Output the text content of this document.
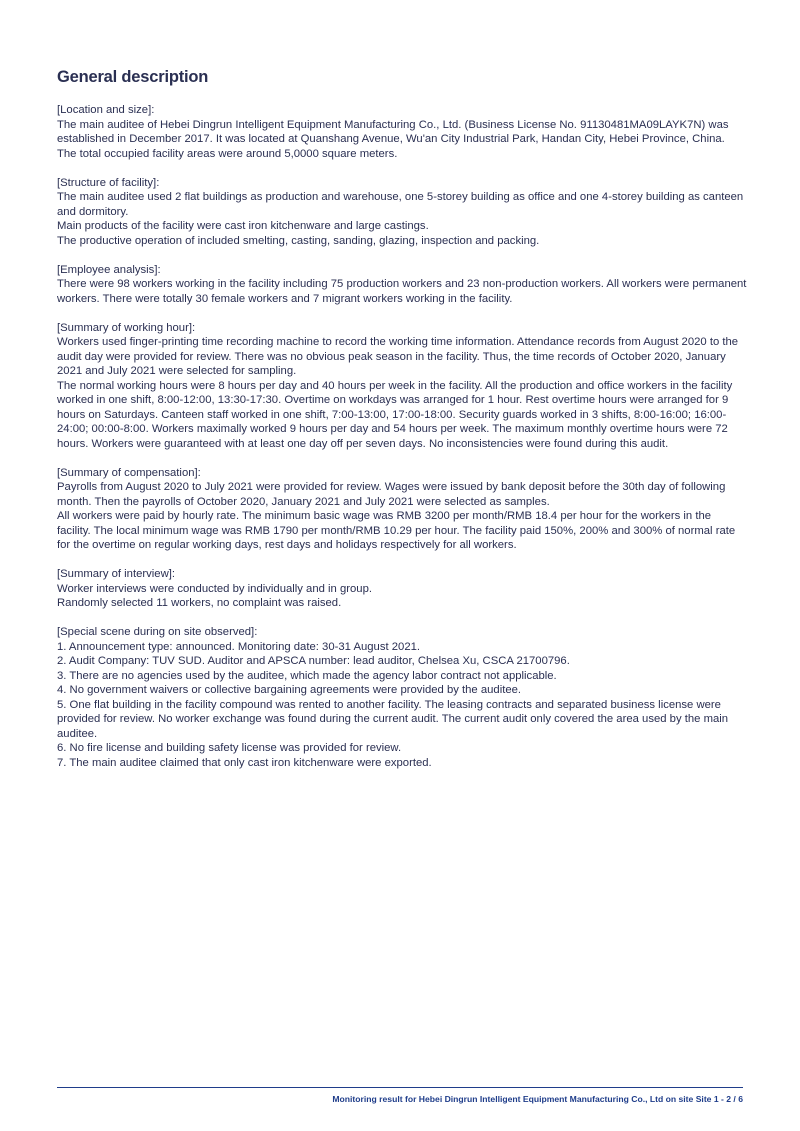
General description

[Location and size]:

The main auditee of Hebei Dingrun Intelligent Equipment Manufacturing Co., Ltd. (Business License No. 91130481MA09LAYK7N) was established in December 2017. It was located at Quanshang Avenue, Wu'an City Industrial Park, Handan City, Hebei Province, China. The total occupied facility areas were around 5,0000 square meters.

[Structure of facility]:

The main auditee used 2 flat buildings as production and warehouse, one 5-storey building as office and one 4-storey building as canteen and dormitory.

Main products of the facility were cast iron kitchenware and large castings.

The productive operation of included smelting, casting, sanding, glazing, inspection and packing.

[Employee analysis]:

There were 98 workers working in the facility including 75 production workers and 23 non-production workers. All workers were permanent workers. There were totally 30 female workers and 7 migrant workers working in the facility.

[Summary of working hour]:

Workers used finger-printing time recording machine to record the working time information. Attendance records from August 2020 to the audit day were provided for review. There was no obvious peak season in the facility. Thus, the time records of October 2020, January 2021 and July 2021 were selected for sampling.

The normal working hours were 8 hours per day and 40 hours per week in the facility. All the production and office workers in the facility worked in one shift, 8:00-12:00, 13:30-17:30. Overtime on workdays was arranged for 1 hour. Rest overtime hours were arranged for 9 hours on Saturdays. Canteen staff worked in one shift, 7:00-13:00, 17:00-18:00. Security guards worked in 3 shifts, 8:00-16:00; 16:00-24:00; 00:00-8:00. Workers maximally worked 9 hours per day and 54 hours per week. The maximum monthly overtime hours were 72 hours. Workers were guaranteed with at least one day off per seven days. No inconsistencies were found during this audit.

[Summary of compensation]:

Payrolls from August 2020 to July 2021 were provided for review. Wages were issued by bank deposit before the 30th day of following month. Then the payrolls of October 2020, January 2021 and July 2021 were selected as samples.

All workers were paid by hourly rate. The minimum basic wage was RMB 3200 per month/RMB 18.4 per hour for the workers in the facility. The local minimum wage was RMB 1790 per month/RMB 10.29 per hour. The facility paid 150%, 200% and 300% of normal rate for the overtime on regular working days, rest days and holidays respectively for all workers.

[Summary of interview]:

Worker interviews were conducted by individually and in group.

Randomly selected 11 workers, no complaint was raised.

[Special scene during on site observed]:

1. Announcement type: announced. Monitoring date: 30-31 August 2021.

2. Audit Company: TUV SUD. Auditor and APSCA number: lead auditor, Chelsea Xu, CSCA 21700796.

3. There are no agencies used by the auditee, which made the agency labor contract not applicable.

4. No government waivers or collective bargaining agreements were provided by the auditee.

5. One flat building in the facility compound was rented to another facility. The leasing contracts and separated business license were provided for review. No worker exchange was found during the current audit. The current audit only covered the area used by the main auditee.

6. No fire license and building safety license was provided for review.

7. The main auditee claimed that only cast iron kitchenware were exported.

Monitoring result for Hebei Dingrun Intelligent Equipment Manufacturing Co., Ltd on site Site 1 - 2 / 6
